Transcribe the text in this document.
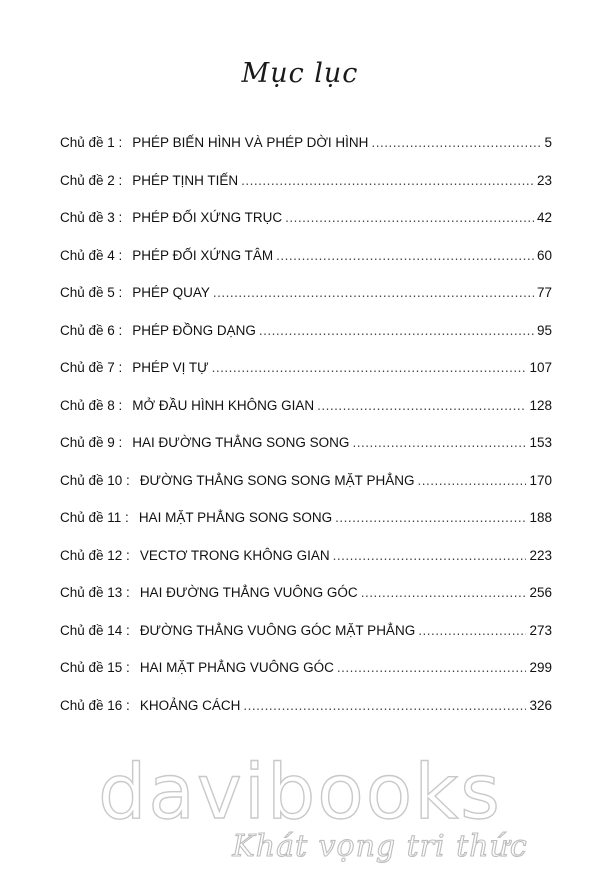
Mục lục
Chủ đề 1 : PHÉP BIẾN HÌNH VÀ PHÉP DỜI HÌNH .....	5
Chủ đề 2 : PHÉP TỊNH TIẾN .....	23
Chủ đề 3 : PHÉP ĐỐI XỨNG TRỤC .....	42
Chủ đề 4 : PHÉP ĐỐI XỨNG TÂM .....	60
Chủ đề 5 : PHÉP QUAY .....	77
Chủ đề 6 : PHÉP ĐỒNG DẠNG .....	95
Chủ đề 7 : PHÉP VỊ TỰ .....	107
Chủ đề 8 : MỞ ĐẦU HÌNH KHÔNG GIAN .....	128
Chủ đề 9 : HAI ĐƯỜNG THẲNG SONG SONG .....	153
Chủ đề 10 : ĐƯỜNG THẲNG SONG SONG MẶT PHẲNG .....	170
Chủ đề 11 : HAI MẶT PHẲNG SONG SONG .....	188
Chủ đề 12 : VECTƠ TRONG KHÔNG GIAN .....	223
Chủ đề 13 : HAI ĐƯỜNG THẲNG VUÔNG GÓC .....	256
Chủ đề 14 : ĐƯỜNG THẲNG VUÔNG GÓC MẶT PHẲNG .....	273
Chủ đề 15 : HAI MẶT PHẲNG VUÔNG GÓC .....	299
Chủ đề 16 : KHOẢNG CÁCH .....	326
davibooks
Khát vọng tri thức
